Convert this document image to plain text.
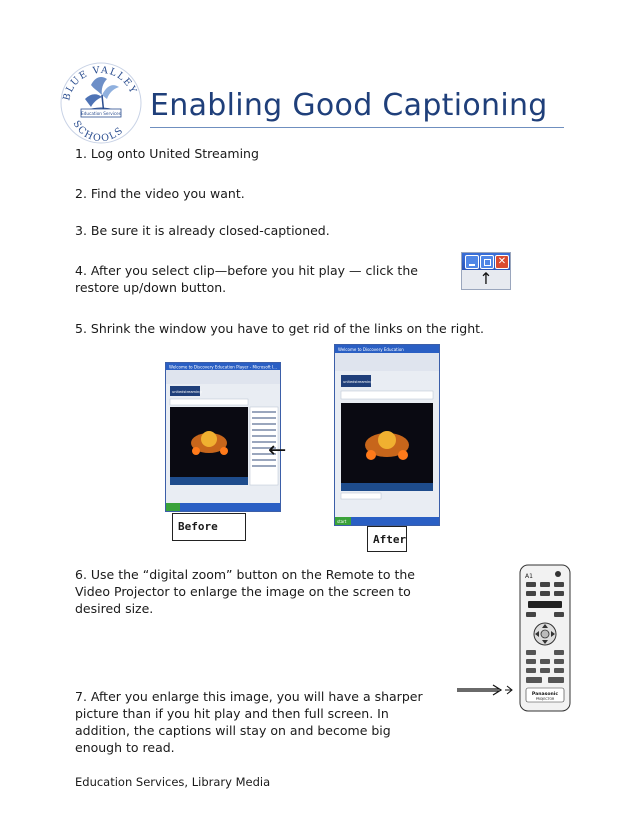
BLUE VALLEY
SCHOOLS
Education Services Enabling Good Captioning
1. Log onto United Streaming
2. Find the video you want.
3. Be sure it is already closed-captioned.
4. After you select clip—before you hit play — click the restore up/down button.
5. Shrink the window you have to get rid of the links on the right.
6. Use the “digital zoom” button on the Remote to the Video Projector to enlarge the image on the screen to desired size.
7. After you enlarge this image, you will have a sharper picture than if you hit play and then full screen. In addition, the captions will stay on and become big enough to read.
✕
↑
Welcome to Discovery Education Player - Microsoft I...
unitedstreaming
Welcome to Discovery Education
unitedstreaming
start
←
Before
After
A1
Panasonic
PROJECTOR
Education Services, Library Media
